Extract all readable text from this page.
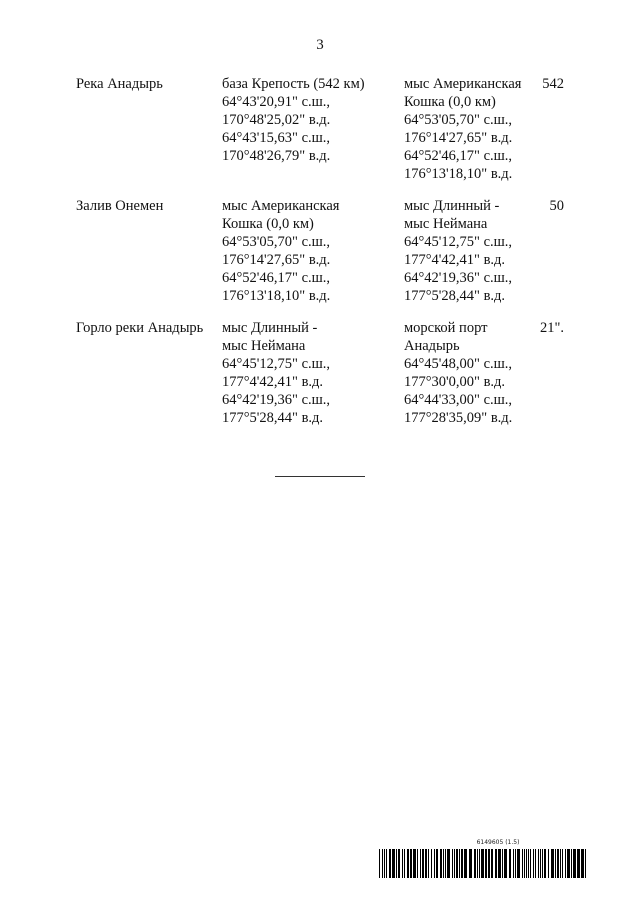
3
Река Анадырь	база Крепость (542 км)
64°43'20,91" с.ш.,
170°48'25,02" в.д.
64°43'15,63" с.ш.,
170°48'26,79" в.д.
мыс Американская
Кошка (0,0 км)
64°53'05,70" с.ш.,
176°14'27,65" в.д.
64°52'46,17" с.ш.,
176°13'18,10" в.д.
542
Залив Онемен	мыс Американская
Кошка (0,0 км)
64°53'05,70" с.ш.,
176°14'27,65" в.д.
64°52'46,17" с.ш.,
176°13'18,10" в.д.
мыс Длинный -
мыс Неймана
64°45'12,75" с.ш.,
177°4'42,41" в.д.
64°42'19,36" с.ш.,
177°5'28,44" в.д.
50
Горло реки Анадырь мыс Длинный -
мыс Неймана
64°45'12,75" с.ш.,
177°4'42,41" в.д.
64°42'19,36" с.ш.,
177°5'28,44" в.д.
морской порт
Анадырь
64°45'48,00" с.ш.,
177°30'0,00" в.д.
64°44'33,00" с.ш.,
177°28'35,09" в.д.
21".
6149605 (1.5)
